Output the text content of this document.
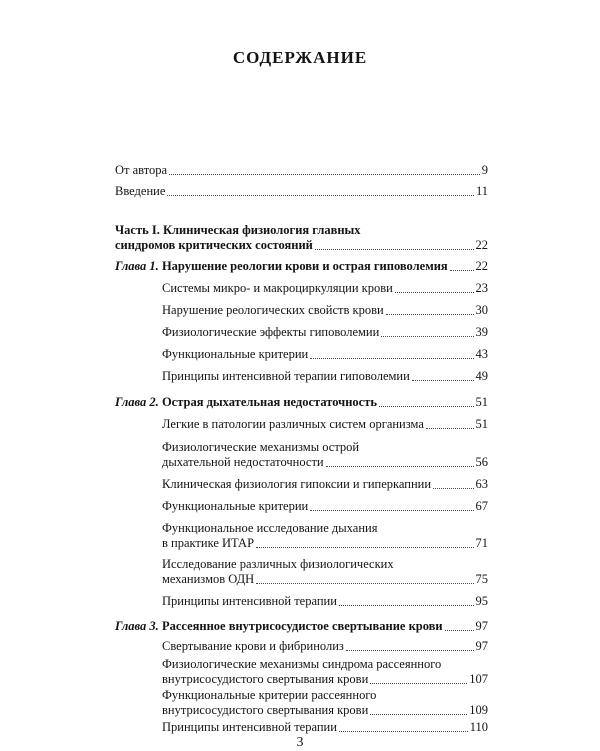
СОДЕРЖАНИЕ
От автора	9
Введение	11
Часть I. Клиническая физиология главных
синдромов критических состояний	22
Глава 1. Нарушение реологии крови и острая гиповолемия 22
Системы микро- и макроциркуляции крови	23
Нарушение реологических свойств крови	30
Физиологические эффекты гиповолемии	39
Функциональные критерии	43
Принципы интенсивной терапии гиповолемии	49
Глава 2. Острая дыхательная недостаточность	51
Легкие в патологии различных систем организма	51
Физиологические механизмы острой
дыхательной недостаточности	56
Клиническая физиология гипоксии и гиперкапнии	63
Функциональные критерии	67
Функциональное исследование дыхания
в практике ИТАР	71
Исследование различных физиологических
механизмов ОДН	75
Принципы интенсивной терапии	95
Глава 3. Рассеянное внутрисосудистое свертывание крови	97
Свертывание крови и фибринолиз	97
Физиологические механизмы синдрома рассеянного
внутрисосудистого свертывания крови	107
Функциональные критерии рассеянного
внутрисосудистого свертывания крови	109
Принципы интенсивной терапии	110
3
